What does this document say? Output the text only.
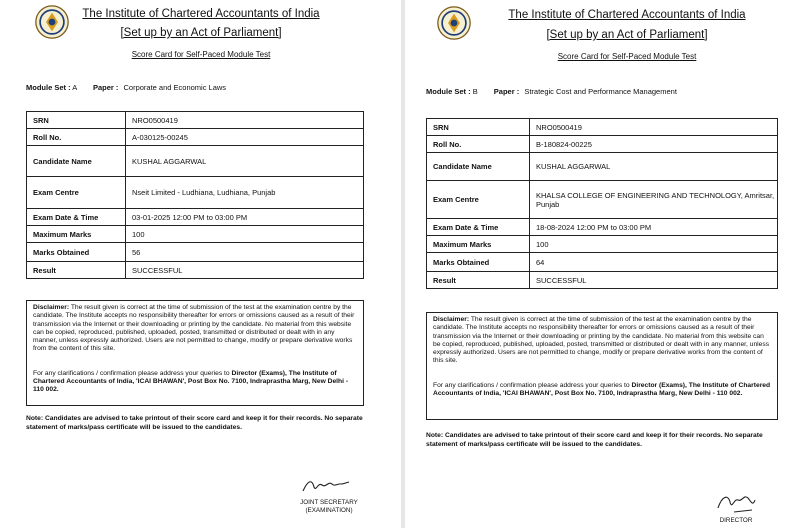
The Institute of Chartered Accountants of India
[Set up by an Act of Parliament]
Score Card for Self-Paced Module Test
Module Set : A Paper : Corporate and Economic Laws
SRN	NRO0500419
Roll No.	A-030125-00245
Candidate Name	KUSHAL AGGARWAL
Exam Centre	Nseit Limited - Ludhiana, Ludhiana, Punjab
Exam Date & Time	03-01-2025 12:00 PM to 03:00 PM
Maximum Marks	100
Marks Obtained	56
Result	SUCCESSFUL

Disclaimer: The result given is correct at the time of submission of the test at the examination centre by the candidate. The Institute accepts no responsibility thereafter for errors or omissions caused as a result of their transmission via the Internet or their downloading or printing by the candidate. No material from this website can be copied, reproduced, published, uploaded, posted, transmitted or distributed or dealt with in any manner, unless expressly authorized. Users are not permitted to change, modify or prepare derivative works from the content of this site.

For any clarifications / confirmation please address your queries to Director (Exams), The Institute of Chartered Accountants of India, 'ICAI BHAWAN', Post Box No. 7100, Indraprastha Marg, New Delhi - 110 002.

Note: Candidates are advised to take printout of their score card and keep it for their records. No separate statement of marks/pass certificate will be issued to the candidates.
JOINT SECRETARY
(EXAMINATION)
The Institute of Chartered Accountants of India
[Set up by an Act of Parliament]
Score Card for Self-Paced Module Test
Module Set : B Paper : Strategic Cost and Performance Management
SRN	NRO0500419
Roll No.	B-180824-00225
Candidate Name	KUSHAL AGGARWAL
Exam Centre	KHALSA COLLEGE OF ENGINEERING AND TECHNOLOGY, Amritsar, Punjab
Exam Date & Time	18-08-2024 12:00 PM to 03:00 PM
Maximum Marks	100
Marks Obtained	64
Result	SUCCESSFUL

Disclaimer: The result given is correct at the time of submission of the test at the examination centre by the candidate. The Institute accepts no responsibility thereafter for errors or omissions caused as a result of their transmission via the Internet or their downloading or printing by the candidate. No material from this website can be copied, reproduced, published, uploaded, posted, transmitted or distributed or dealt with in any manner, unless expressly authorized. Users are not permitted to change, modify or prepare derivative works from the content of this site.

For any clarifications / confirmation please address your queries to Director (Exams), The Institute of Chartered Accountants of India, 'ICAI BHAWAN', Post Box No. 7100, Indraprastha Marg, New Delhi - 110 002.

Note: Candidates are advised to take printout of their score card and keep it for their records. No separate statement of marks/pass certificate will be issued to the candidates.
DIRECTOR
